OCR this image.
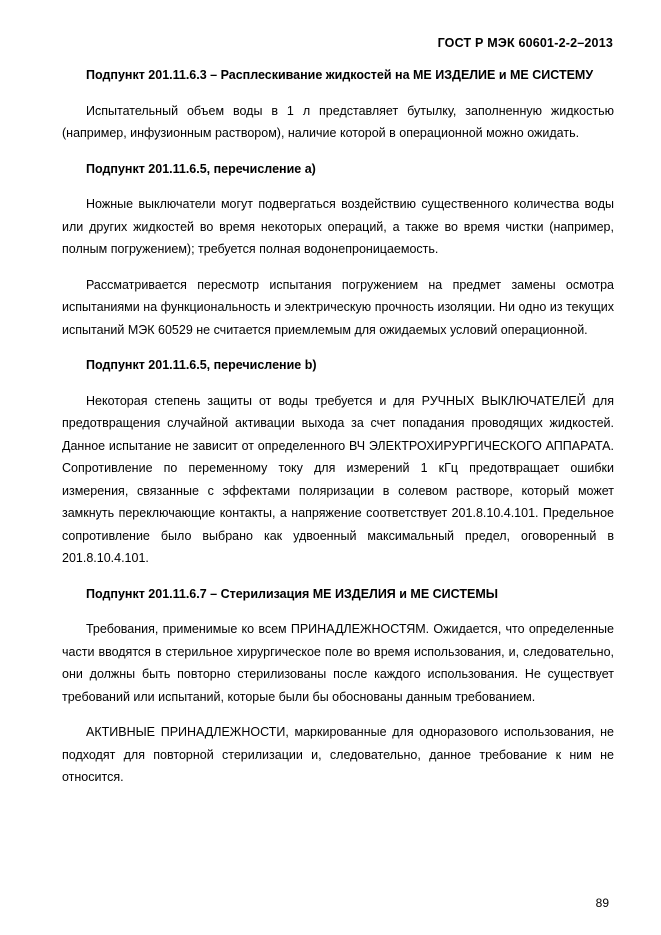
ГОСТ Р МЭК 60601-2-2–2013

Подпункт 201.11.6.3 – Расплескивание жидкостей на МЕ ИЗДЕЛИЕ и МЕ СИСТЕМУ

Испытательный объем воды в 1 л представляет бутылку, заполненную жидкостью (например, инфузионным раствором), наличие которой в операционной можно ожидать.

Подпункт 201.11.6.5, перечисление а)

Ножные выключатели могут подвергаться воздействию существенного количества воды или других жидкостей во время некоторых операций, а также во время чистки (например, полным погружением); требуется полная водонепроницаемость.

Рассматривается пересмотр испытания погружением на предмет замены осмотра испытаниями на функциональность и электрическую прочность изоляции. Ни одно из текущих испытаний МЭК 60529 не считается приемлемым для ожидаемых условий операционной.

Подпункт 201.11.6.5, перечисление b)

Некоторая степень защиты от воды требуется и для РУЧНЫХ ВЫКЛЮЧАТЕЛЕЙ для предотвращения случайной активации выхода за счет попадания проводящих жидкостей. Данное испытание не зависит от определенного ВЧ ЭЛЕКТРОХИРУРГИЧЕСКОГО АППАРАТА. Сопротивление по переменному току для измерений 1 кГц предотвращает ошибки измерения, связанные с эффектами поляризации в солевом растворе, который может замкнуть переключающие контакты, а напряжение соответствует 201.8.10.4.101. Предельное сопротивление было выбрано как удвоенный максимальный предел, оговоренный в 201.8.10.4.101.

Подпункт 201.11.6.7 – Стерилизация МЕ ИЗДЕЛИЯ и МЕ СИСТЕМЫ

Требования, применимые ко всем ПРИНАДЛЕЖНОСТЯМ. Ожидается, что определенные части вводятся в стерильное хирургическое поле во время использования, и, следовательно, они должны быть повторно стерилизованы после каждого использования. Не существует требований или испытаний, которые были бы обоснованы данным требованием.

АКТИВНЫЕ ПРИНАДЛЕЖНОСТИ, маркированные для одноразового использования, не подходят для повторной стерилизации и, следовательно, данное требование к ним не относится.

89
